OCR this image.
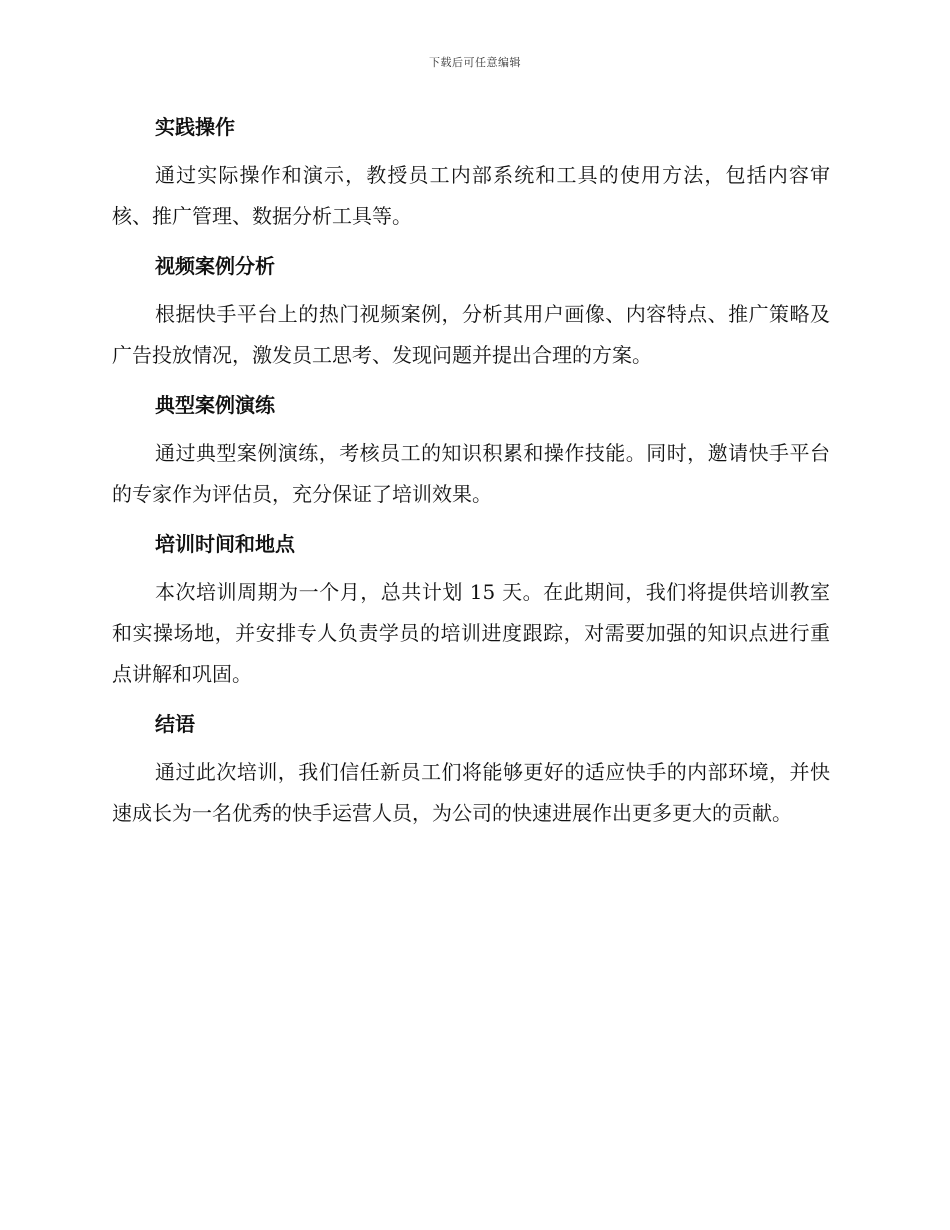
下载后可任意编辑
实践操作

通过实际操作和演示，教授员工内部系统和工具的使用方法，包括内容审核、推广管理、数据分析工具等。

视频案例分析

根据快手平台上的热门视频案例，分析其用户画像、内容特点、推广策略及广告投放情况，激发员工思考、发现问题并提出合理的方案。

典型案例演练

通过典型案例演练，考核员工的知识积累和操作技能。同时，邀请快手平台的专家作为评估员，充分保证了培训效果。

培训时间和地点

本次培训周期为一个月，总共计划 15 天。在此期间，我们将提供培训教室和实操场地，并安排专人负责学员的培训进度跟踪，对需要加强的知识点进行重点讲解和巩固。

结语

通过此次培训，我们信任新员工们将能够更好的适应快手的内部环境，并快速成长为一名优秀的快手运营人员，为公司的快速进展作出更多更大的贡献。
